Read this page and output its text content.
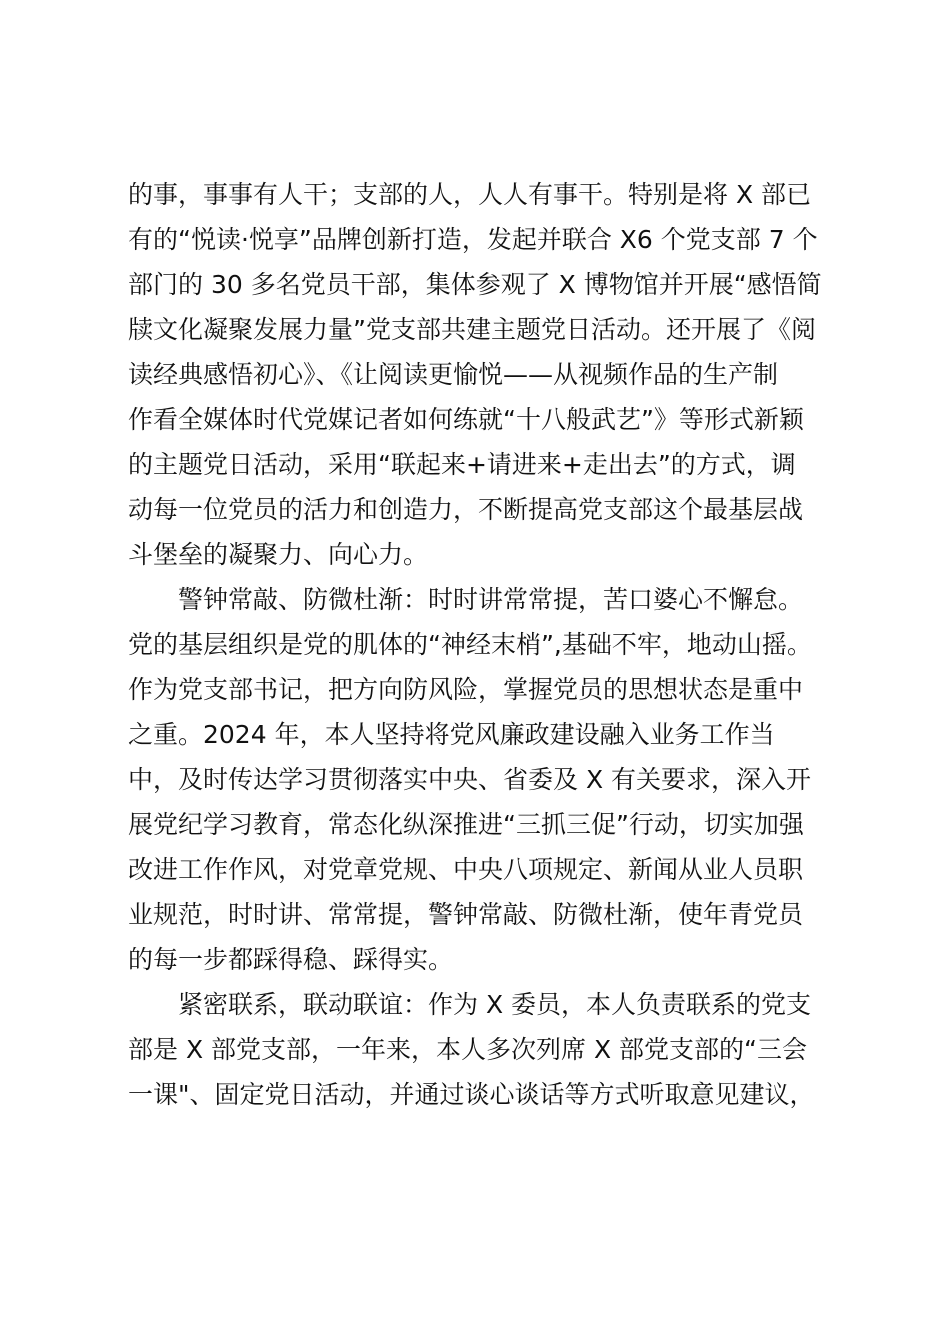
的事，事事有人干；支部的人，人人有事干。特别是将 X 部已
有的“悦读·悦享”品牌创新打造，发起并联合 X6 个党支部 7 个
部门的 30 多名党员干部，集体参观了 X 博物馆并开展“感悟简
牍文化凝聚发展力量”党支部共建主题党日活动。还开展了《阅
读经典感悟初心》、《让阅读更愉悦——从视频作品的生产制
作看全媒体时代党媒记者如何练就“十八般武艺”》等形式新颖
的主题党日活动，采用“联起来+请进来+走出去”的方式，调
动每一位党员的活力和创造力，不断提高党支部这个最基层战
斗堡垒的凝聚力、向心力。
警钟常敲、防微杜渐：时时讲常常提，苦口婆心不懈怠。
党的基层组织是党的肌体的“神经末梢”,基础不牢，地动山摇。
作为党支部书记，把方向防风险，掌握党员的思想状态是重中
之重。2024 年，本人坚持将党风廉政建设融入业务工作当
中，及时传达学习贯彻落实中央、省委及 X 有关要求，深入开
展党纪学习教育，常态化纵深推进“三抓三促”行动，切实加强
改进工作作风，对党章党规、中央八项规定、新闻从业人员职
业规范，时时讲、常常提，警钟常敲、防微杜渐，使年青党员
的每一步都踩得稳、踩得实。
紧密联系，联动联谊：作为 X 委员，本人负责联系的党支
部是 X 部党支部，一年来，本人多次列席 X 部党支部的“三会
一课"、固定党日活动，并通过谈心谈话等方式听取意见建议，
